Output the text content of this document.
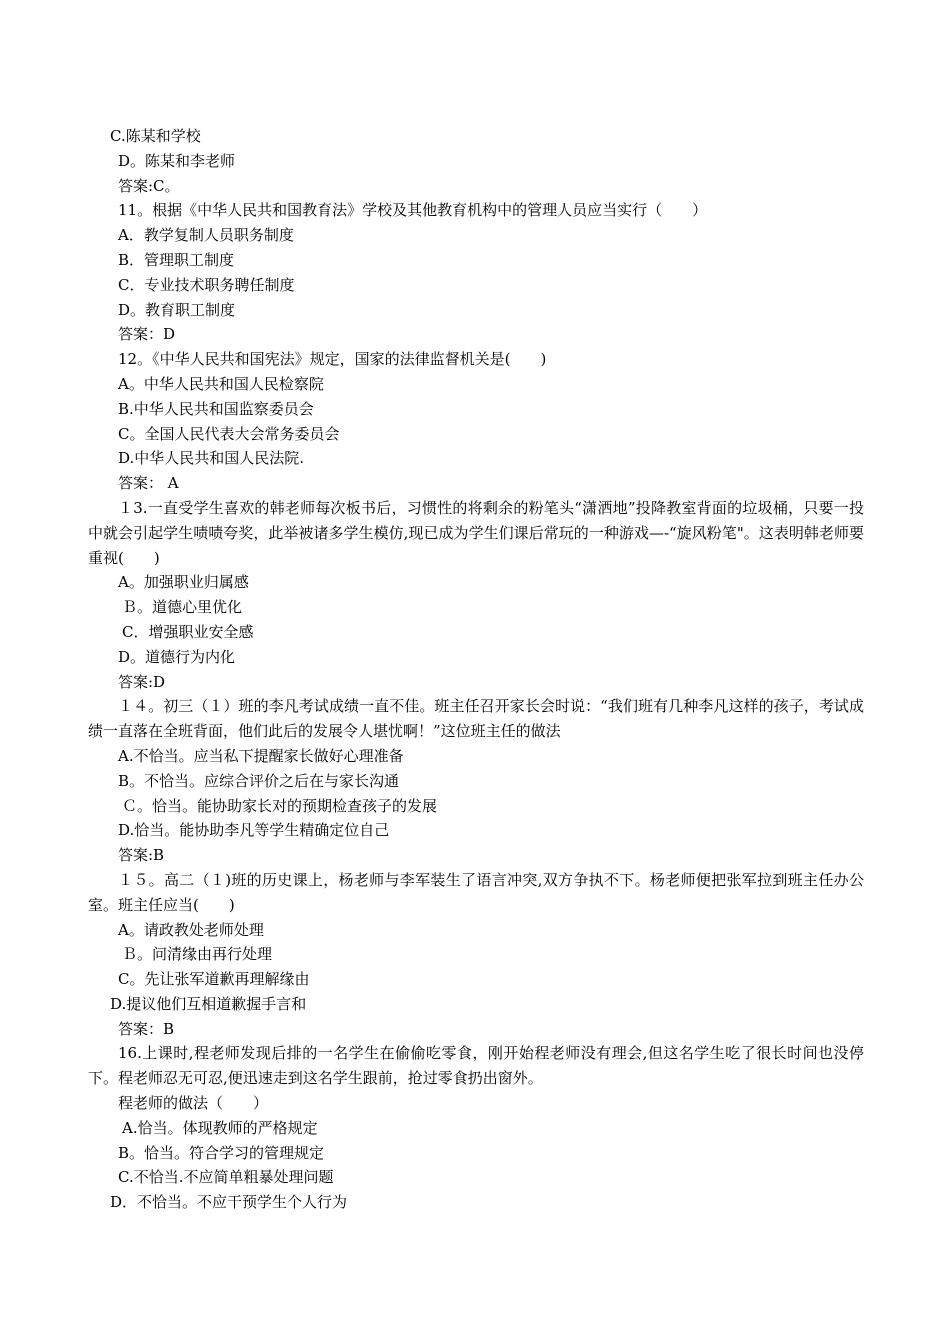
C.陈某和学校
D。陈某和李老师
答案:C。
11。根据《中华人民共和国教育法》学校及其他教育机构中的管理人员应当实行（　　）
A．教学复制人员职务制度
B．管理职工制度
C．专业技术职务聘任制度
D。教育职工制度
答案：D
12。《中华人民共和国宪法》规定，国家的法律监督机关是(　　)
A。中华人民共和国人民检察院
B.中华人民共和国监察委员会
C。全国人民代表大会常务委员会
D.中华人民共和国人民法院.
答案： A
１3.一直受学生喜欢的韩老师每次板书后，习惯性的将剩余的粉笔头“潇洒地”投降教室背面的垃圾桶，只要一投中就会引起学生啧啧夸奖，此举被诸多学生模仿,现已成为学生们课后常玩的一种游戏—-“旋风粉笔"。这表明韩老师要重视(　　)
A。加强职业归属感
Ｂ。道德心里优化
C．增强职业安全感
D。道德行为内化
答案:D
１４。初三（１）班的李凡考试成绩一直不佳。班主任召开家长会时说：“我们班有几种李凡这样的孩子，考试成绩一直落在全班背面，他们此后的发展令人堪忧啊！”这位班主任的做法
A.不恰当。应当私下提醒家长做好心理准备
B。不恰当。应综合评价之后在与家长沟通
Ｃ。恰当。能协助家长对的预期检查孩子的发展
D.恰当。能协助李凡等学生精确定位自己
答案:B
１５。高二（１)班的历史课上，杨老师与李军装生了语言冲突,双方争执不下。杨老师便把张军拉到班主任办公室。班主任应当(　　)
A。请政教处老师处理
Ｂ。问清缘由再行处理
C。先让张军道歉再理解缘由
D.提议他们互相道歉握手言和
答案：B
16.上课时,程老师发现后排的一名学生在偷偷吃零食，刚开始程老师没有理会,但这名学生吃了很长时间也没停下。程老师忍无可忍,便迅速走到这名学生跟前，抢过零食扔出窗外。
程老师的做法（　　）
A.恰当。体现教师的严格规定
B。恰当。符合学习的管理规定
C.不恰当.不应简单粗暴处理问题
D．不恰当。不应干预学生个人行为
